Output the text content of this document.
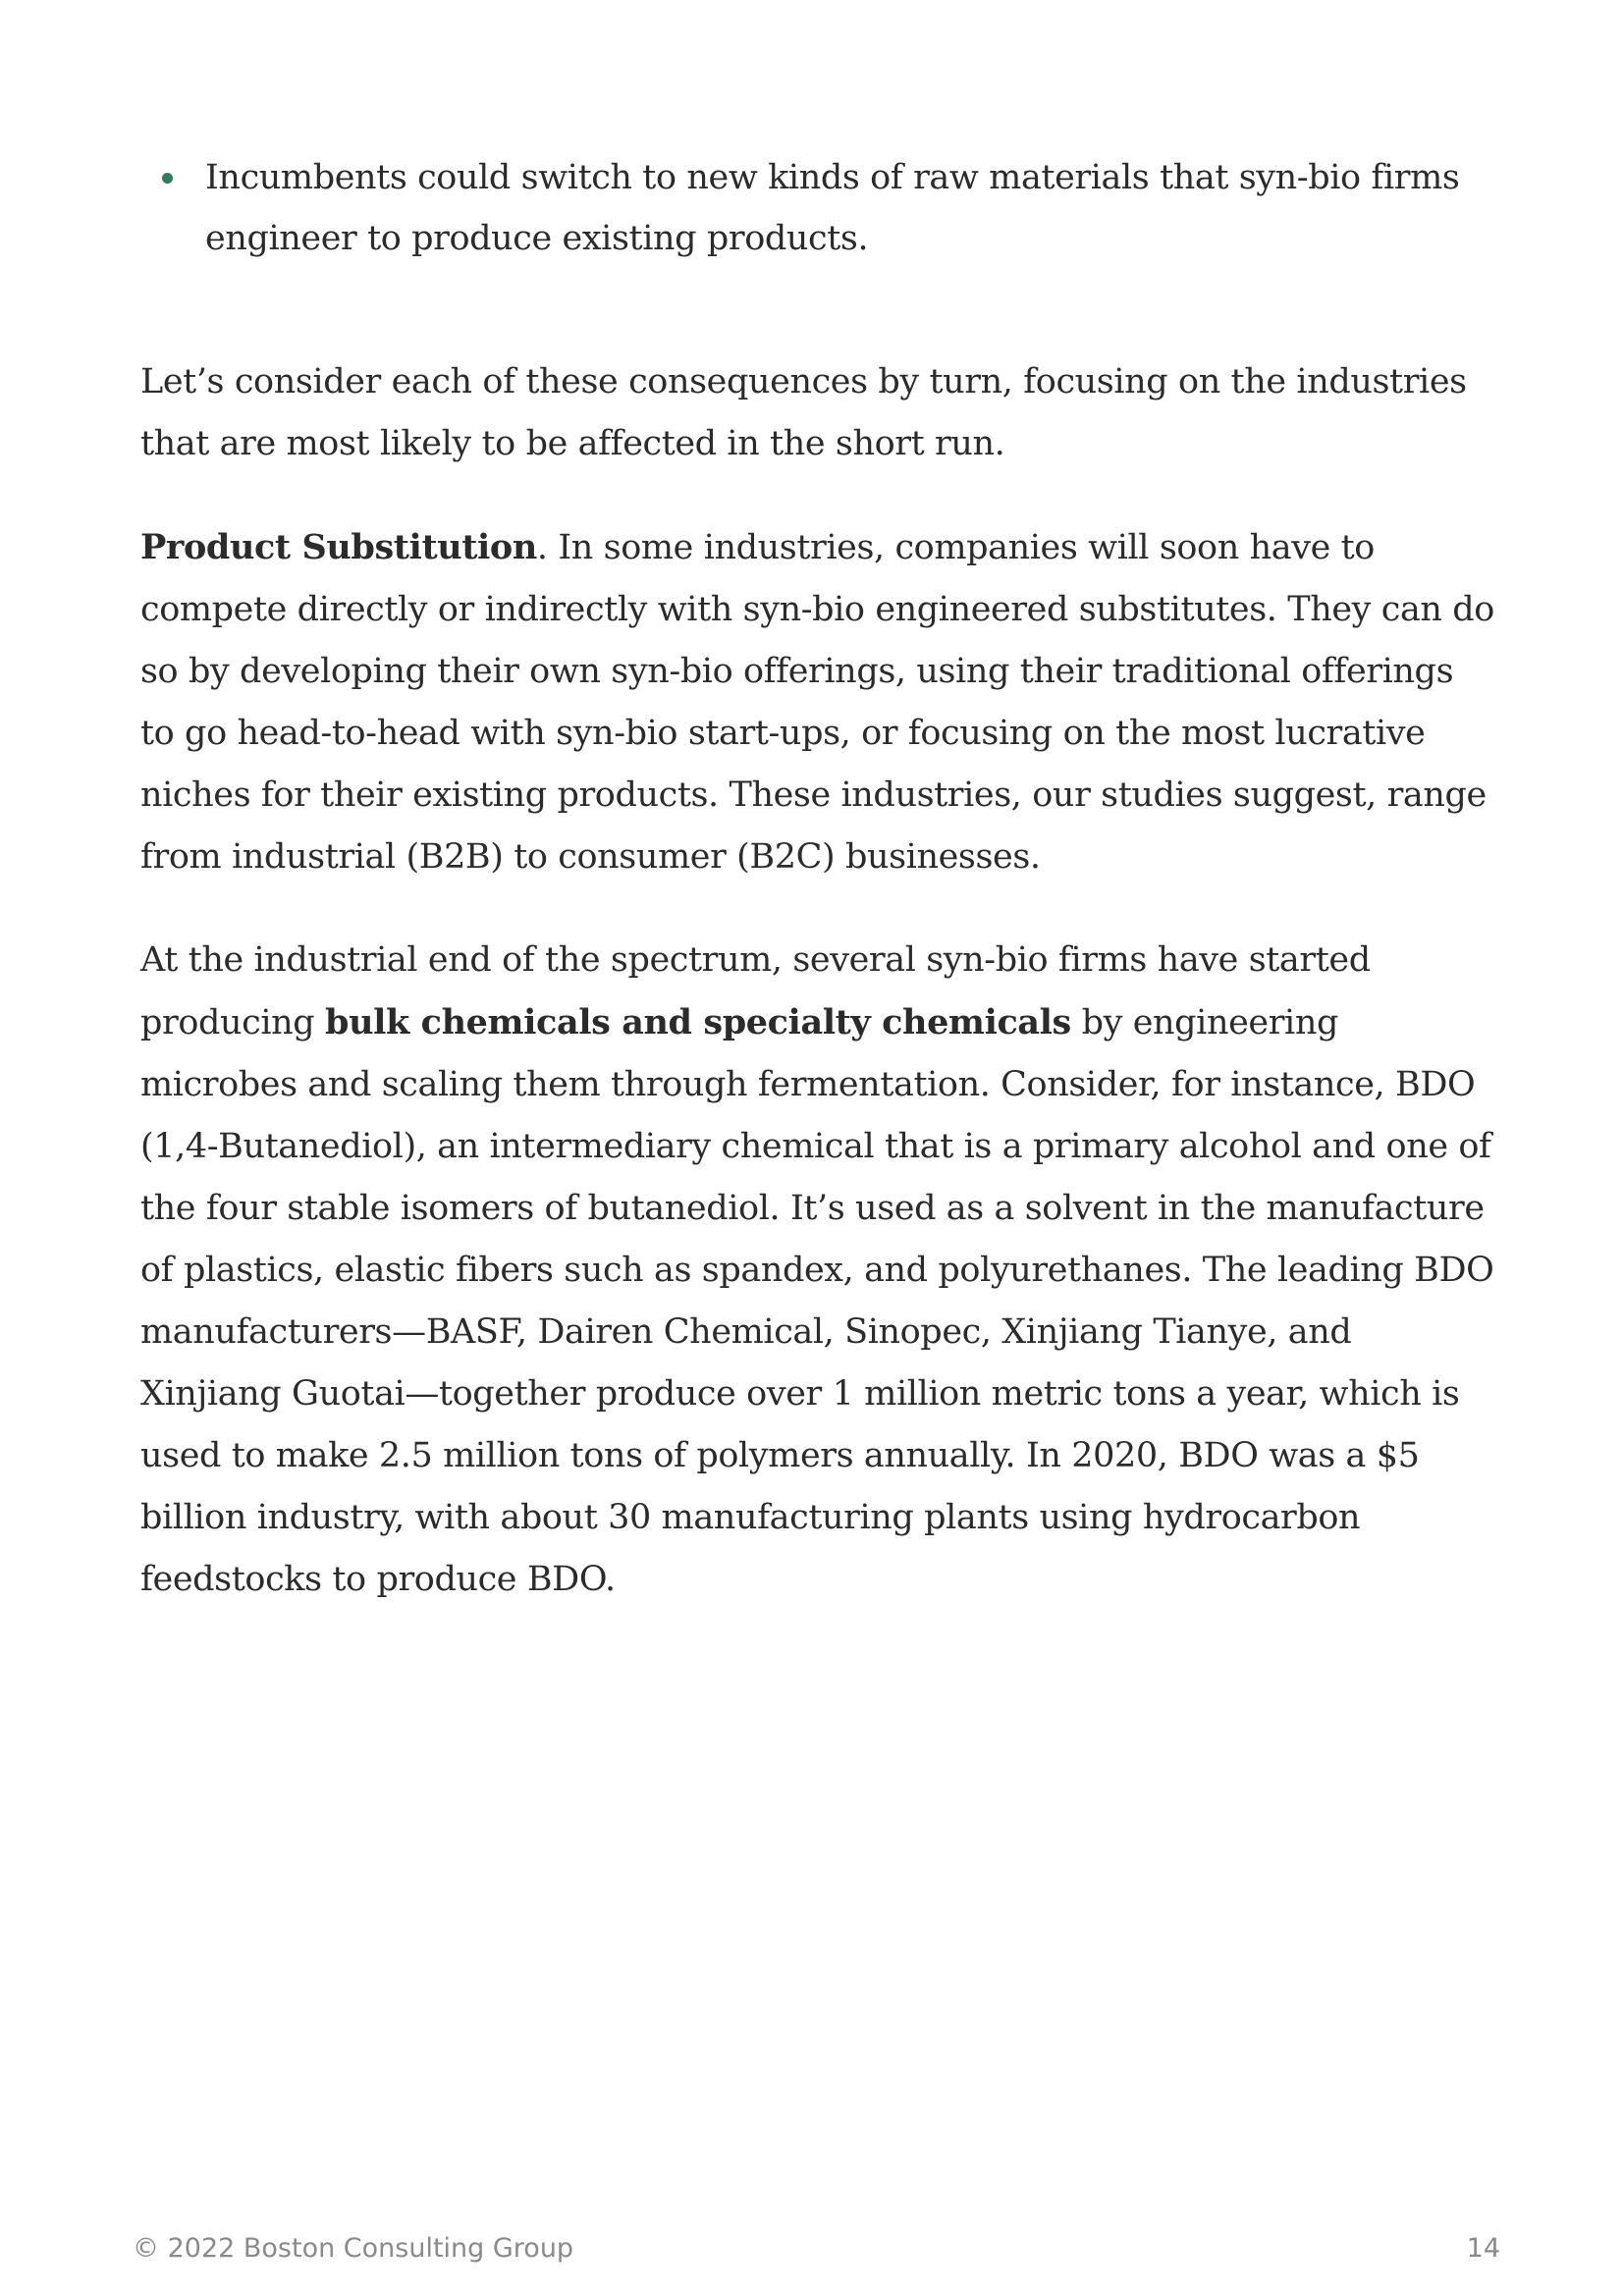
Incumbents could switch to new kinds of raw materials that syn-bio firms engineer to produce existing products.

Let’s consider each of these consequences by turn, focusing on the industries that are most likely to be affected in the short run.

Product Substitution. In some industries, companies will soon have to compete directly or indirectly with syn-bio engineered substitutes. They can do so by developing their own syn-bio offerings, using their traditional offerings to go head-to-head with syn-bio start-ups, or focusing on the most lucrative niches for their existing products. These industries, our studies suggest, range from industrial (B2B) to consumer (B2C) businesses.

At the industrial end of the spectrum, several syn-bio firms have started producing bulk chemicals and specialty chemicals by engineering microbes and scaling them through fermentation. Consider, for instance, BDO (1,4-Butanediol), an intermediary chemical that is a primary alcohol and one of the four stable isomers of butanediol. It’s used as a solvent in the manufacture of plastics, elastic fibers such as spandex, and polyurethanes. The leading BDO manufacturers—BASF, Dairen Chemical, Sinopec, Xinjiang Tianye, and Xinjiang Guotai—together produce over 1 million metric tons a year, which is used to make 2.5 million tons of polymers annually. In 2020, BDO was a $5 billion industry, with about 30 manufacturing plants using hydrocarbon feedstocks to produce BDO.

© 2022 Boston Consulting Group	14
